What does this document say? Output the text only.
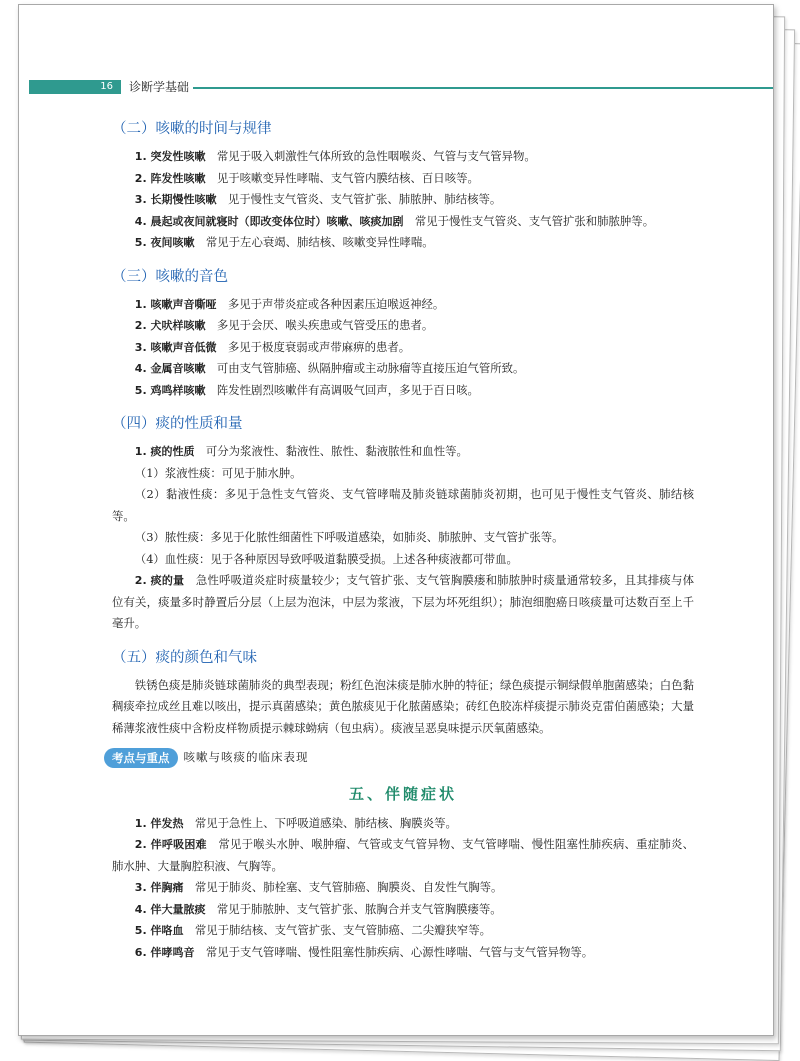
16	诊断学基础
（二）咳嗽的时间与规律

1. 突发性咳嗽　 常见于吸入刺激性气体所致的急性咽喉炎、气管与支气管异物。

2. 阵发性咳嗽　 见于咳嗽变异性哮喘、支气管内膜结核、百日咳等。

3. 长期慢性咳嗽　 见于慢性支气管炎、支气管扩张、肺脓肿、肺结核等。

4. 晨起或夜间就寝时（即改变体位时）咳嗽、咳痰加剧　 常见于慢性支气管炎、支气管扩张和肺脓肿等。

5. 夜间咳嗽　 常见于左心衰竭、肺结核、咳嗽变异性哮喘。

（三）咳嗽的音色

1. 咳嗽声音嘶哑　 多见于声带炎症或各种因素压迫喉返神经。

2. 犬吠样咳嗽　 多见于会厌、喉头疾患或气管受压的患者。

3. 咳嗽声音低微　 多见于极度衰弱或声带麻痹的患者。

4. 金属音咳嗽　 可由支气管肺癌、纵隔肿瘤或主动脉瘤等直接压迫气管所致。

5. 鸡鸣样咳嗽　 阵发性剧烈咳嗽伴有高调吸气回声，多见于百日咳。

（四）痰的性质和量

1. 痰的性质　 可分为浆液性、黏液性、脓性、黏液脓性和血性等。

（1）浆液性痰：可见于肺水肿。

（2）黏液性痰：多见于急性支气管炎、支气管哮喘及肺炎链球菌肺炎初期，也可见于慢性支气管炎、肺结核等。

（3）脓性痰：多见于化脓性细菌性下呼吸道感染，如肺炎、肺脓肿、支气管扩张等。

（4）血性痰：见于各种原因导致呼吸道黏膜受损。上述各种痰液都可带血。

2. 痰的量　 急性呼吸道炎症时痰量较少；支气管扩张、支气管胸膜瘘和肺脓肿时痰量通常较多，且其排痰与体位有关，痰量多时静置后分层（上层为泡沫，中层为浆液，下层为坏死组织）；肺泡细胞癌日咳痰量可达数百至上千毫升。

（五）痰的颜色和气味

铁锈色痰是肺炎链球菌肺炎的典型表现；粉红色泡沫痰是肺水肿的特征；绿色痰提示铜绿假单胞菌感染；白色黏稠痰牵拉成丝且难以咳出，提示真菌感染；黄色脓痰见于化脓菌感染；砖红色胶冻样痰提示肺炎克雷伯菌感染；大量稀薄浆液性痰中含粉皮样物质提示棘球蚴病（包虫病）。痰液呈恶臭味提示厌氧菌感染。

考点与重点	咳嗽与咳痰的临床表现
五、伴随症状

1. 伴发热　 常见于急性上、下呼吸道感染、肺结核、胸膜炎等。

2. 伴呼吸困难　 常见于喉头水肿、喉肿瘤、气管或支气管异物、支气管哮喘、慢性阻塞性肺疾病、重症肺炎、肺水肿、大量胸腔积液、气胸等。

3. 伴胸痛　 常见于肺炎、肺栓塞、支气管肺癌、胸膜炎、自发性气胸等。

4. 伴大量脓痰　 常见于肺脓肿、支气管扩张、脓胸合并支气管胸膜瘘等。

5. 伴咯血　 常见于肺结核、支气管扩张、支气管肺癌、二尖瓣狭窄等。

6. 伴哮鸣音　 常见于支气管哮喘、慢性阻塞性肺疾病、心源性哮喘、气管与支气管异物等。
